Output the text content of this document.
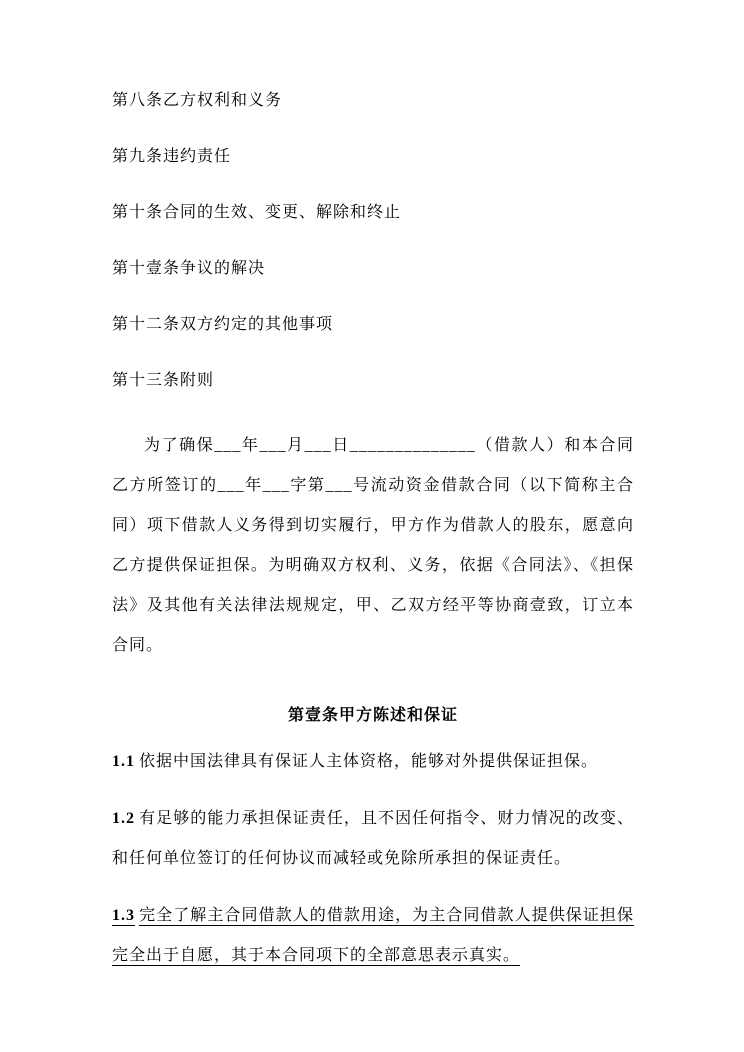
第八条乙方权利和义务

第九条违约责任

第十条合同的生效、变更、解除和终止

第十壹条争议的解决

第十二条双方约定的其他事项

第十三条附则

为了确保___年___月___日______________（借款人）和本合同乙方所签订的___年___字第___号流动资金借款合同（以下简称主合同）项下借款人义务得到切实履行，甲方作为借款人的股东，愿意向乙方提供保证担保。为明确双方权利、义务，依据《合同法》、《担保法》及其他有关法律法规规定，甲、乙双方经平等协商壹致，订立本合同。

第壹条甲方陈述和保证

1.1 依据中国法律具有保证人主体资格，能够对外提供保证担保。

1.2 有足够的能力承担保证责任，且不因任何指令、财力情况的改变、和任何单位签订的任何协议而减轻或免除所承担的保证责任。

1.3 完全了解主合同借款人的借款用途，为主合同借款人提供保证担保完全出于自愿，其于本合同项下的全部意思表示真实。
